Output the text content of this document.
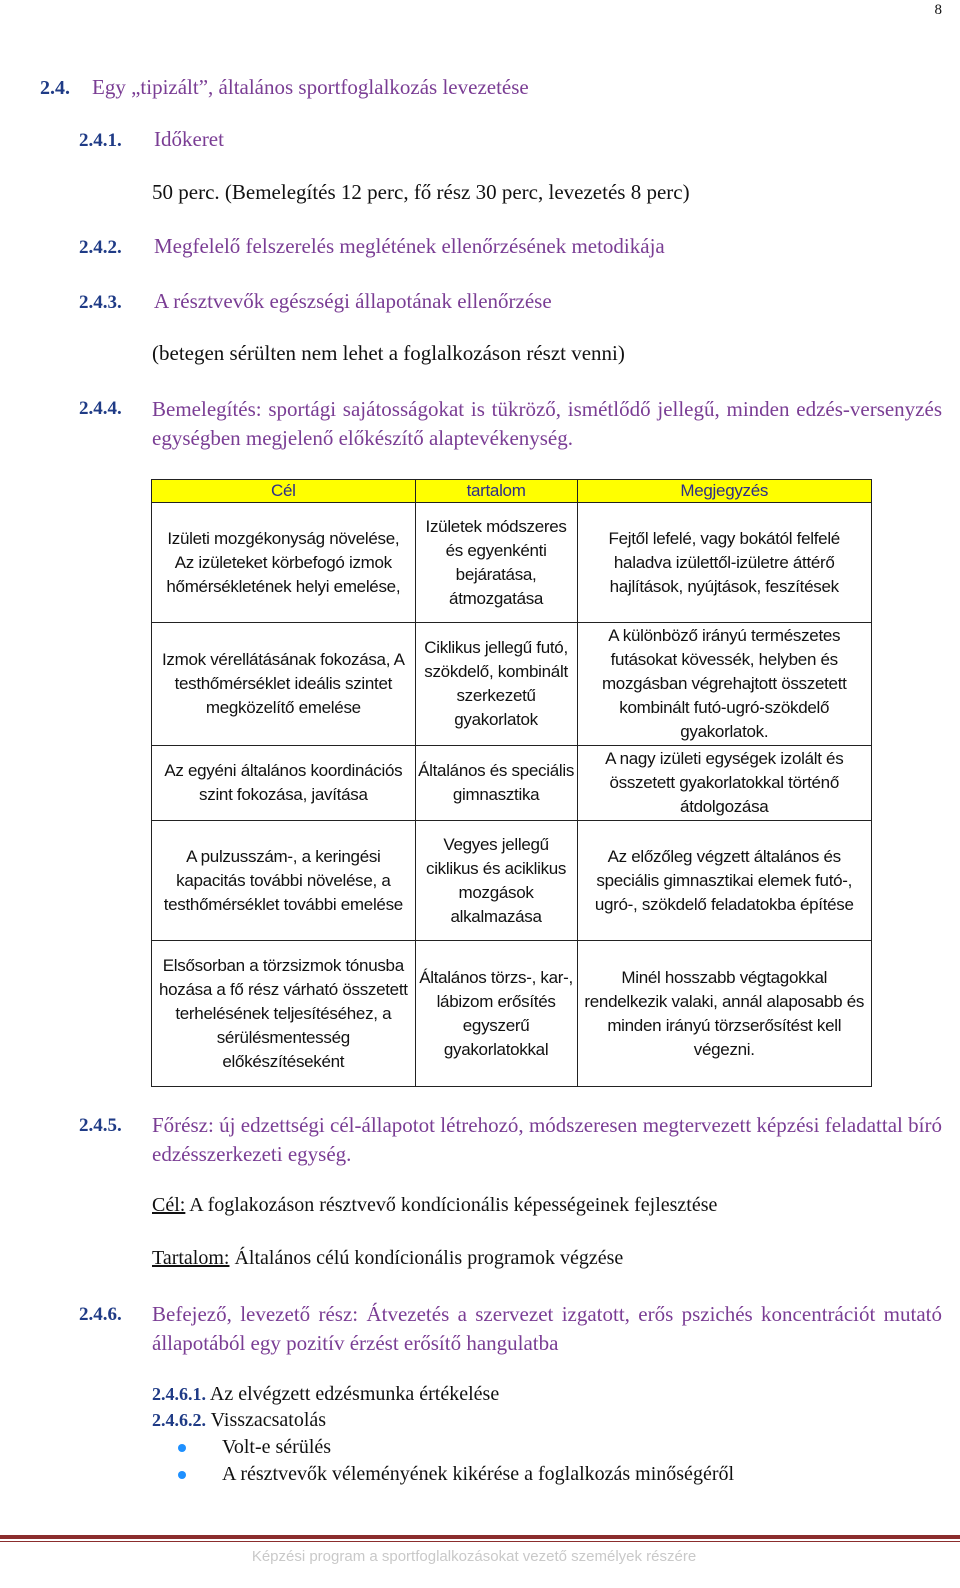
8
2.4. Egy „tipizált”, általános sportfoglalkozás levezetése
2.4.1. Időkeret
50 perc. (Bemelegítés 12 perc, fő rész 30 perc, levezetés 8 perc)
2.4.2. Megfelelő felszerelés meglétének ellenőrzésének metodikája
2.4.3. A résztvevők egészségi állapotának ellenőrzése
(betegen sérülten nem lehet a foglalkozáson részt venni)
2.4.4. Bemelegítés: sportági sajátosságokat is tükröző, ismétlődő jellegű, minden edzés-versenyzés egységben megjelenő előkészítő alaptevékenység.
Cél	tartalom	Megjegyzés
Izületi mozgékonyság növelése, Az izületeket körbefogó izmok hőmérsékletének helyi emelése,	Izületek módszeres és egyenkénti bejáratása, átmozgatása	Fejtől lefelé, vagy bokától felfelé haladva izülettől-izületre áttérő hajlítások, nyújtások, feszítések
Izmok vérellátásának fokozása, A testhőmérséklet ideális szintet megközelítő emelése	Ciklikus jellegű futó, szökdelő, kombinált szerkezetű gyakorlatok	A különböző irányú természetes futásokat kövessék, helyben és mozgásban végrehajtott összetett kombinált futó-ugró-szökdelő gyakorlatok.
Az egyéni általános koordinációs szint fokozása, javítása	Általános és speciális gimnasztika	A nagy izületi egységek izolált és összetett gyakorlatokkal történő átdolgozása
A pulzusszám-, a keringési kapacitás további növelése, a testhőmérséklet további emelése	Vegyes jellegű ciklikus és aciklikus mozgások alkalmazása	Az előzőleg végzett általános és speciális gimnasztikai elemek futó-, ugró-, szökdelő feladatokba építése
Elsősorban a törzsizmok tónusba hozása a fő rész várható összetett terhelésének teljesítéséhez, a sérülésmentesség előkészítéseként	Általános törzs-, kar-, lábizom erősítés egyszerű gyakorlatokkal	Minél hosszabb végtagokkal rendelkezik valaki, annál alaposabb és minden irányú törzserősítést kell végezni.
2.4.5. Főrész: új edzettségi cél-állapotot létrehozó, módszeresen megtervezett képzési feladattal bíró edzésszerkezeti egység.
Cél: A foglakozáson résztvevő kondícionális képességeinek fejlesztése
Tartalom: Általános célú kondícionális programok végzése
2.4.6. Befejező, levezető rész: Átvezetés a szervezet izgatott, erős pszichés koncentrációt mutató állapotából egy pozitív érzést erősítő hangulatba
2.4.6.1. Az elvégzett edzésmunka értékelése
2.4.6.2. Visszacsatolás
Volt-e sérülés
A résztvevők véleményének kikérése a foglalkozás minőségéről
Képzési program a sportfoglalkozásokat vezető személyek részére
